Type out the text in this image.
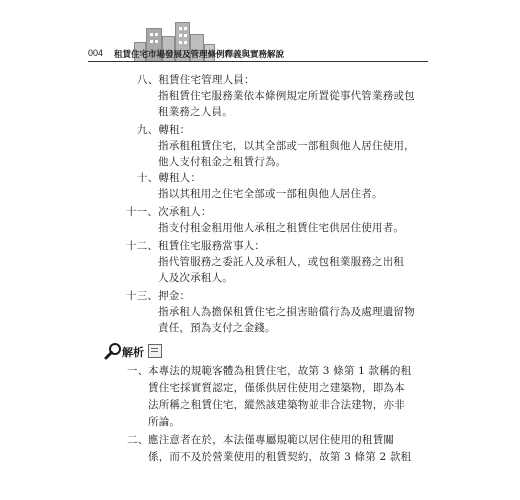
004 租賃住宅市場發展及管理條例釋義與實務解說
八、租賃住宅管理人員：
指租賃住宅服務業依本條例規定所置從事代管業務或包
租業務之人員。
九、轉租：
指承租租賃住宅，以其全部或一部租與他人居住使用，
他人支付租金之租賃行為。
十、轉租人：
指以其租用之住宅全部或一部租與他人居住者。
十一、次承租人：
指支付租金租用他人承租之租賃住宅供居住使用者。
十二、租賃住宅服務當事人：
指代管服務之委託人及承租人，或包租業服務之出租
人及次承租人。
十三、押金：
指承租人為擔保租賃住宅之損害賠償行為及處理遺留物
責任，預為支付之金錢。
解析
一、 本專法的規範客體為租賃住宅，故第 3 條第 1 款稱的租
賃住宅採實質認定，僅係供居住使用之建築物，即為本
法所稱之租賃住宅，縱然該建築物並非合法建物，亦非
所論。
二、 應注意者在於，本法僅專屬規範以居住使用的租賃關
係，而不及於營業使用的租賃契約，故第 3 條第 2 款租
